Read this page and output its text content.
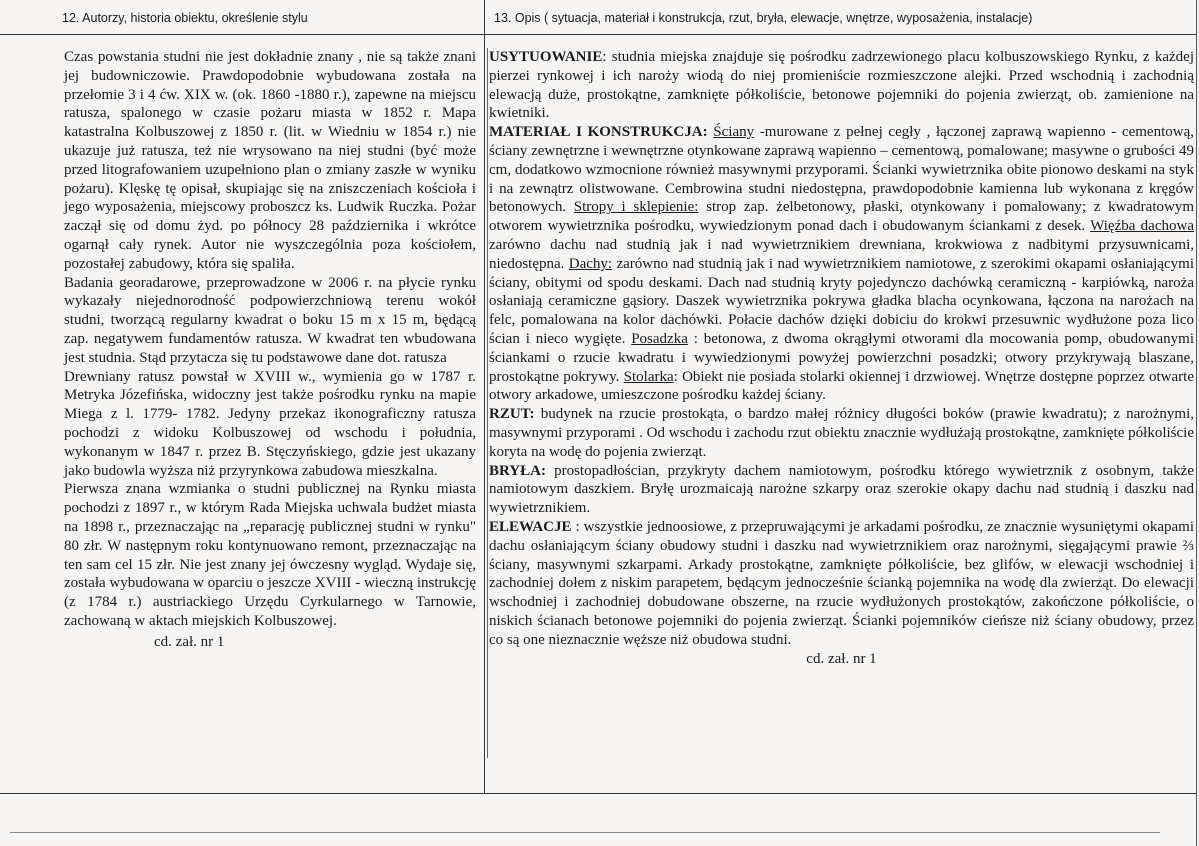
12. Autorzy, historia obiektu, określenie stylu	13. Opis ( sytuacja, materiał i konstrukcja, rzut, bryła, elewacje, wnętrze, wyposażenia, instalacje)

Czas powstania studni nie jest dokładnie znany , nie są także znani jej budowniczowie. Prawdopodobnie wybudowana została na przełomie 3 i 4 ćw. XIX w. (ok. 1860 -1880 r.), zapewne na miejscu ratusza, spalonego w czasie pożaru miasta w 1852 r. Mapa katastralna Kolbuszowej z 1850 r. (lit. w Wiedniu w 1854 r.) nie ukazuje już ratusza, też nie wrysowano na niej studni (być może przed litografowaniem uzupełniono plan o zmiany zaszłe w wyniku pożaru). Klęskę tę opisał, skupiając się na zniszczeniach kościoła i jego wyposażenia, miejscowy proboszcz ks. Ludwik Ruczka. Pożar zaczął się od domu żyd. po północy 28 października i wkrótce ogarnął cały rynek. Autor nie wyszczególnia poza kościołem, pozostałej zabudowy, która się spaliła.

Badania georadarowe, przeprowadzone w 2006 r. na płycie rynku wykazały niejednorodność podpowierzchniową terenu wokół studni, tworzącą regularny kwadrat o boku 15 m x 15 m, będącą zap. negatywem fundamentów ratusza. W kwadrat ten wbudowana jest studnia. Stąd przytacza się tu podstawowe dane dot. ratusza

Drewniany ratusz powstał w XVIII w., wymienia go w 1787 r. Metryka Józefińska, widoczny jest także pośrodku rynku na mapie Miega z l. 1779- 1782. Jedyny przekaz ikonograficzny ratusza pochodzi z widoku Kolbuszowej od wschodu i południa, wykonanym w 1847 r. przez B. Stęczyńskiego, gdzie jest ukazany jako budowla wyższa niż przyrynkowa zabudowa mieszkalna.

Pierwsza znana wzmianka o studni publicznej na Rynku miasta pochodzi z 1897 r., w którym Rada Miejska uchwala budżet miasta na 1898 r., przeznaczając na „reparację publicznej studni w rynku" 80 złr. W następnym roku kontynuowano remont, przeznaczając na ten sam cel 15 złr. Nie jest znany jej ówczesny wygląd. Wydaje się, została wybudowana w oparciu o jeszcze XVIII - wieczną instrukcję (z 1784 r.) austriackiego Urzędu Cyrkularnego w Tarnowie, zachowaną w aktach miejskich Kolbuszowej.

cd. zał. nr 1

USYTUOWANIE: studnia miejska znajduje się pośrodku zadrzewionego placu kolbuszowskiego Rynku, z każdej pierzei rynkowej i ich naroży wiodą do niej promieniście rozmieszczone alejki. Przed wschodnią i zachodnią elewacją duże, prostokątne, zamknięte półkoliście, betonowe pojemniki do pojenia zwierząt, ob. zamienione na kwietniki.

MATERIAŁ I KONSTRUKCJA: Ściany -murowane z pełnej cegły , łączonej zaprawą wapienno - cementową, ściany zewnętrzne i wewnętrzne otynkowane zaprawą wapienno – cementową, pomalowane; masywne o grubości 49 cm, dodatkowo wzmocnione również masywnymi przyporami. Ścianki wywietrznika obite pionowo deskami na styk i na zewnątrz olistwowane. Cembrowina studni niedostępna, prawdopodobnie kamienna lub wykonana z kręgów betonowych. Stropy i sklepienie: strop zap. żelbetonowy, płaski, otynkowany i pomalowany; z kwadratowym otworem wywietrznika pośrodku, wywiedzionym ponad dach i obudowanym ściankami z desek. Więźba dachowa zarówno dachu nad studnią jak i nad wywietrznikiem drewniana, krokwiowa z nadbitymi przysuwnicami, niedostępna. Dachy: zarówno nad studnią jak i nad wywietrznikiem namiotowe, z szerokimi okapami osłaniającymi ściany, obitymi od spodu deskami. Dach nad studnią kryty pojedynczo dachówką ceramiczną - karpiówką, naroża osłaniają ceramiczne gąsiory. Daszek wywietrznika pokrywa gładka blacha ocynkowana, łączona na narożach na felc, pomalowana na kolor dachówki. Połacie dachów dzięki dobiciu do krokwi przesuwnic wydłużone poza lico ścian i nieco wygięte. Posadzka : betonowa, z dwoma okrągłymi otworami dla mocowania pomp, obudowanymi ściankami o rzucie kwadratu i wywiedzionymi powyżej powierzchni posadzki; otwory przykrywają blaszane, prostokątne pokrywy. Stolarka: Obiekt nie posiada stolarki okiennej i drzwiowej. Wnętrze dostępne poprzez otwarte otwory arkadowe, umieszczone pośrodku każdej ściany.

RZUT: budynek na rzucie prostokąta, o bardzo małej różnicy długości boków (prawie kwadratu); z narożnymi, masywnymi przyporami . Od wschodu i zachodu rzut obiektu znacznie wydłużają prostokątne, zamknięte półkoliście koryta na wodę do pojenia zwierząt.

BRYŁA: prostopadłościan, przykryty dachem namiotowym, pośrodku którego wywietrznik z osobnym, także namiotowym daszkiem. Bryłę urozmaicają narożne szkarpy oraz szerokie okapy dachu nad studnią i daszku nad wywietrznikiem.

ELEWACJE : wszystkie jednoosiowe, z przepruwającymi je arkadami pośrodku, ze znacznie wysuniętymi okapami dachu osłaniającym ściany obudowy studni i daszku nad wywietrznikiem oraz narożnymi, sięgającymi prawie ⅔ ściany, masywnymi szkarpami. Arkady prostokątne, zamknięte półkoliście, bez glifów, w elewacji wschodniej i zachodniej dołem z niskim parapetem, będącym jednocześnie ścianką pojemnika na wodę dla zwierząt. Do elewacji wschodniej i zachodniej dobudowane obszerne, na rzucie wydłużonych prostokątów, zakończone półkoliście, o niskich ścianach betonowe pojemniki do pojenia zwierząt. Ścianki pojemników cieńsze niż ściany obudowy, przez co są one nieznacznie węższe niż obudowa studni.

cd. zał. nr 1
